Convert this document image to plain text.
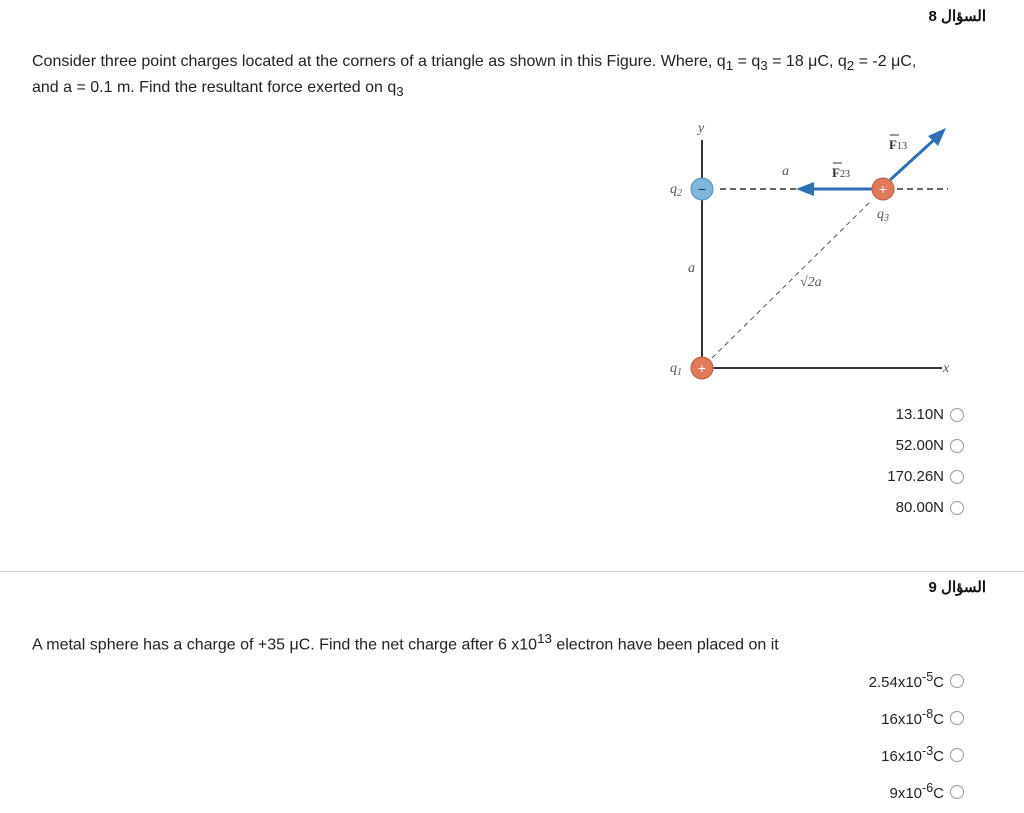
السؤال 8
Consider three point charges located at the corners of a triangle as shown in this Figure. Where, $q_1 = q_3 = 18$ μC, $q_2 = -2$ μC,
and a = 0.1 m. Find the resultant force exerted on $q_3$
y
x
−	+
+
$q_2$
$q_3$
$q_1$
a
a
√2a
F23
F13
13.10N
52.00N
170.26N
80.00N
السؤال 9
A metal sphere has a charge of +35 μC. Find the net charge after 6 $x10^{13}$ electron have been placed on it
$2.54x10^{-5}C$
$16x10^{-8}C$
$16x10^{-3}C$
$9x10^{-6}C$
